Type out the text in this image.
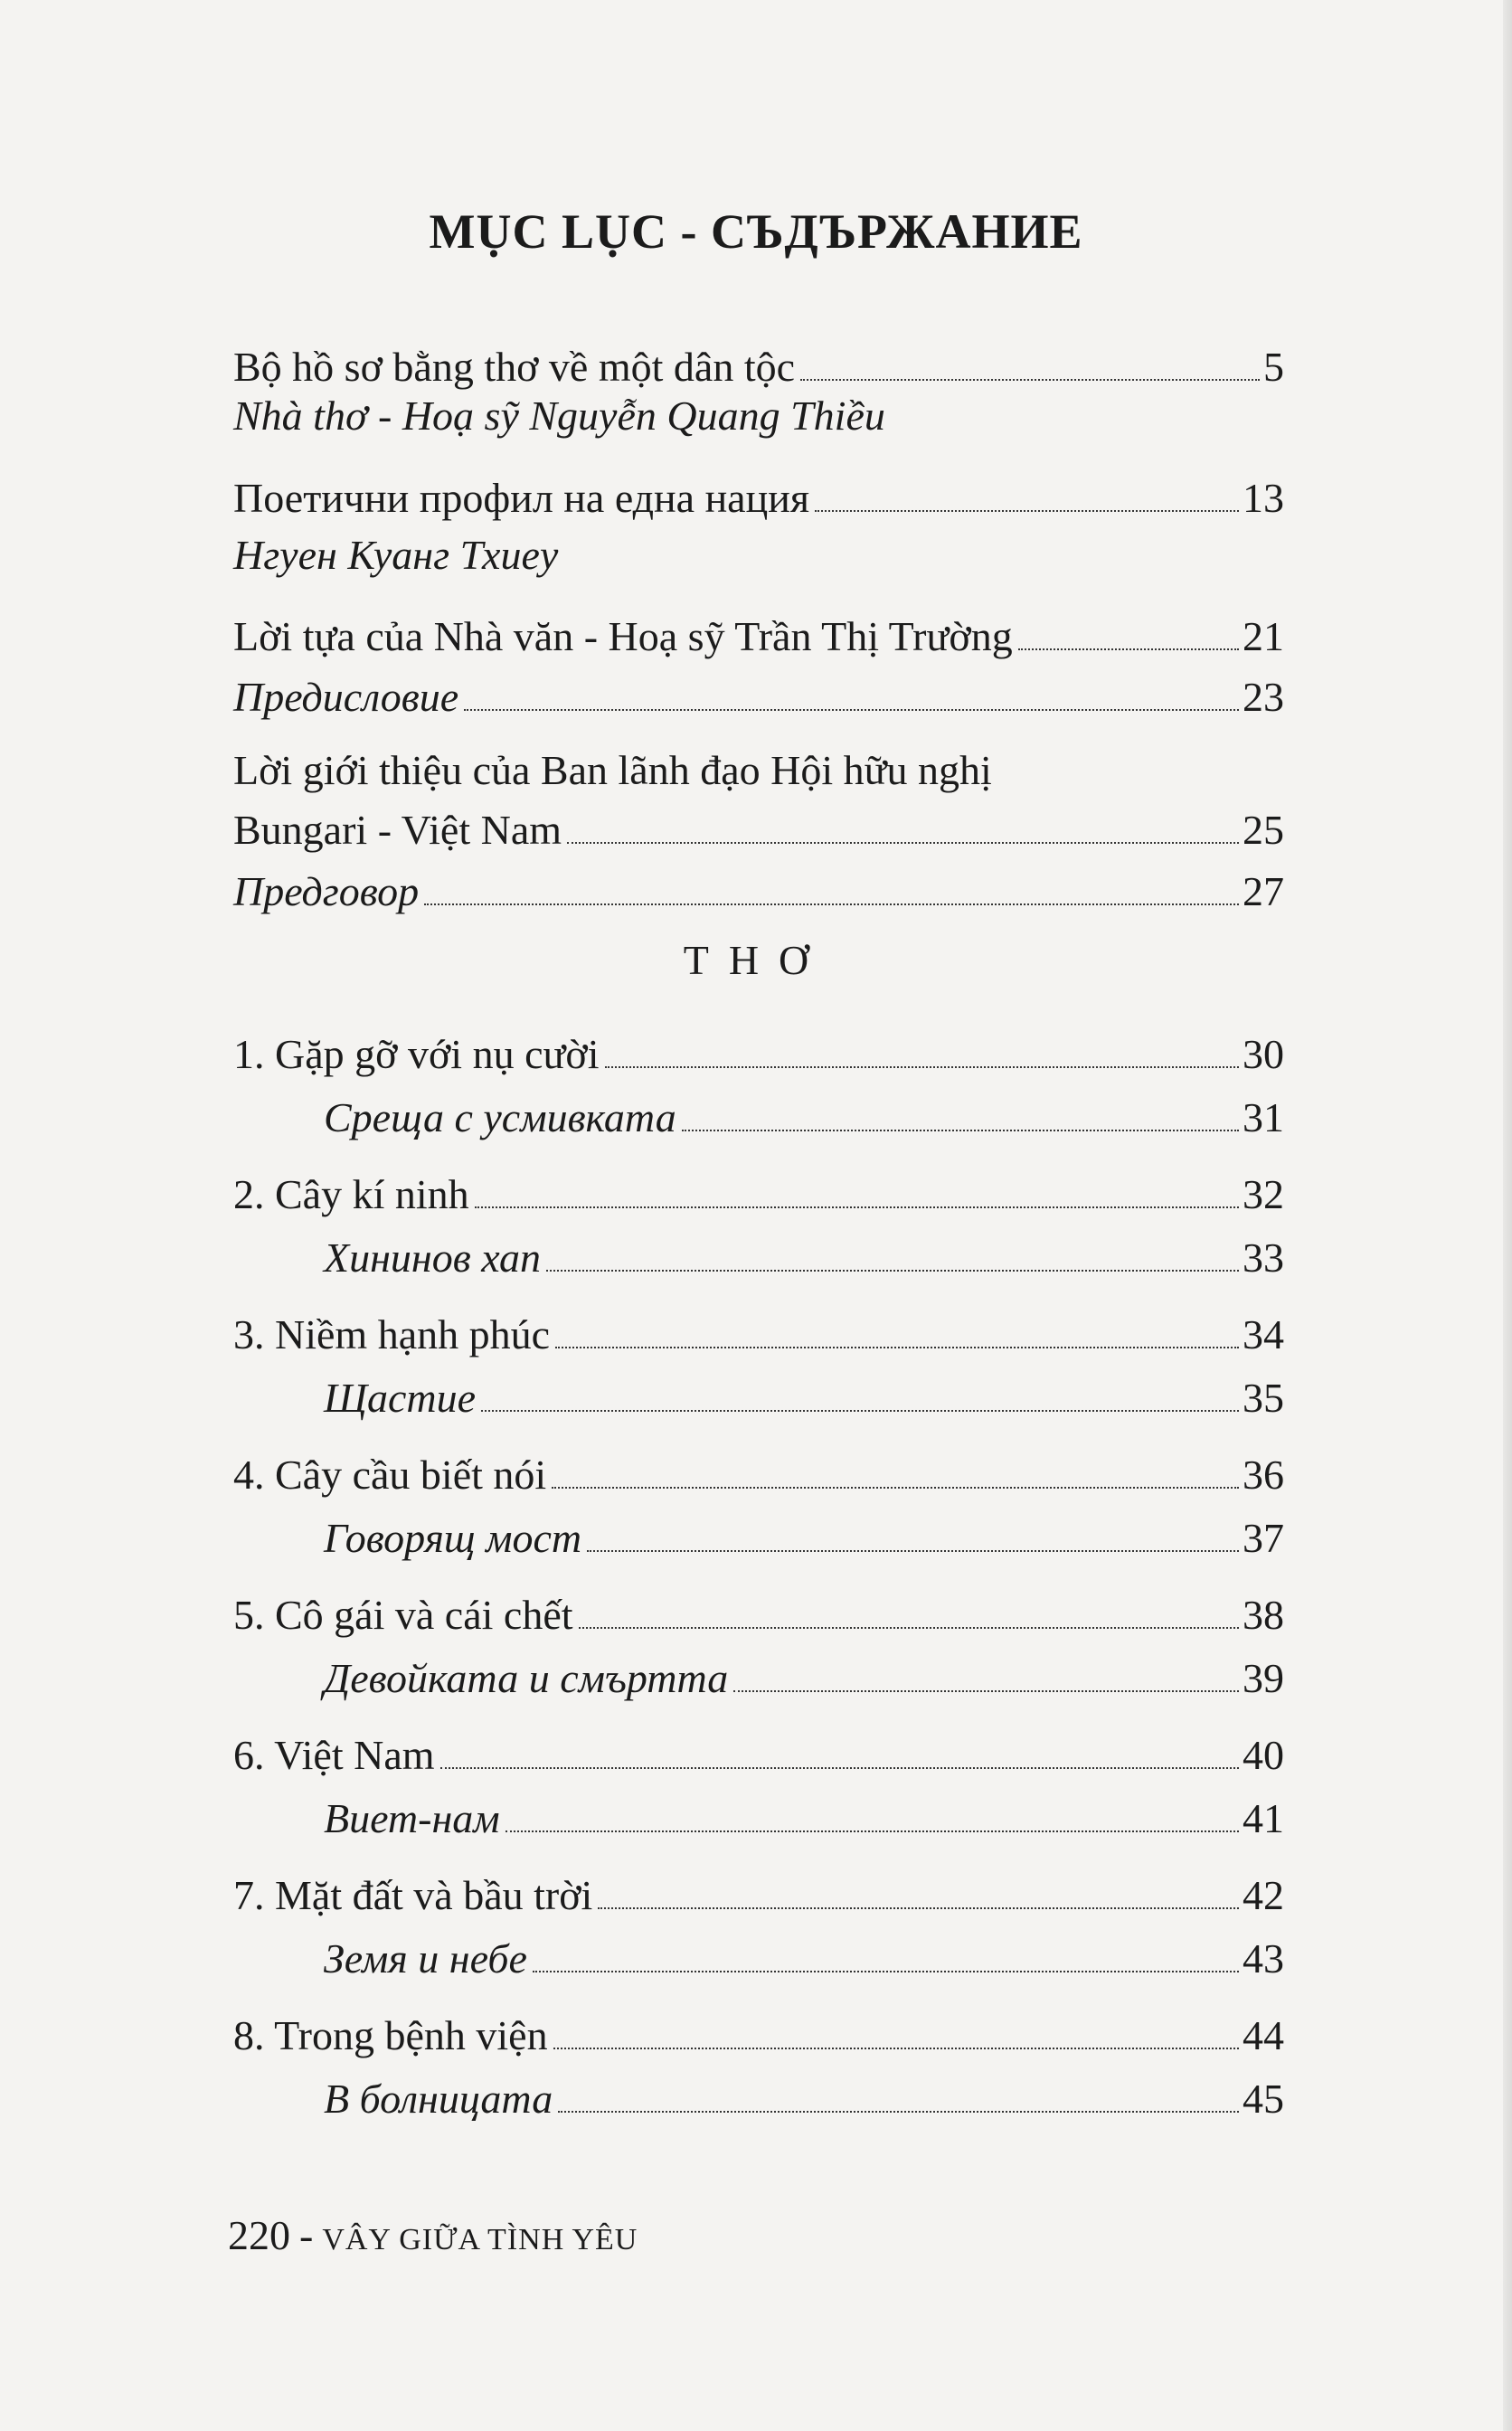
MỤC LỤC - СЪДЪРЖАНИЕ
Bộ hồ sơ bằng thơ về một dân tộc	5
Nhà thơ - Hoạ sỹ Nguyễn Quang Thiều
Поетични профил на една нация	13
Нгуен Куанг Тхиеу
Lời tựa của Nhà văn - Hoạ sỹ Trần Thị Trường	21
Предисловие	23
Lời giới thiệu của Ban lãnh đạo Hội hữu nghị
Bungari - Việt Nam	25
Предговор	27
THƠ
1. Gặp gỡ với nụ cười	30
Среща с усмивката	31
2. Cây kí ninh	32
Хининов хап	33
3. Niềm hạnh phúc	34
Щастие	35
4. Cây cầu biết nói	36
Говорящ мост	37
5. Cô gái và cái chết	38
Девойката и смъртта	39
6. Việt Nam	40
Виет-нам	41
7. Mặt đất và bầu trời	42
Земя и небе	43
8. Trong bệnh viện	44
В болницата	45
220 - VÂY GIỮA TÌNH YÊU
